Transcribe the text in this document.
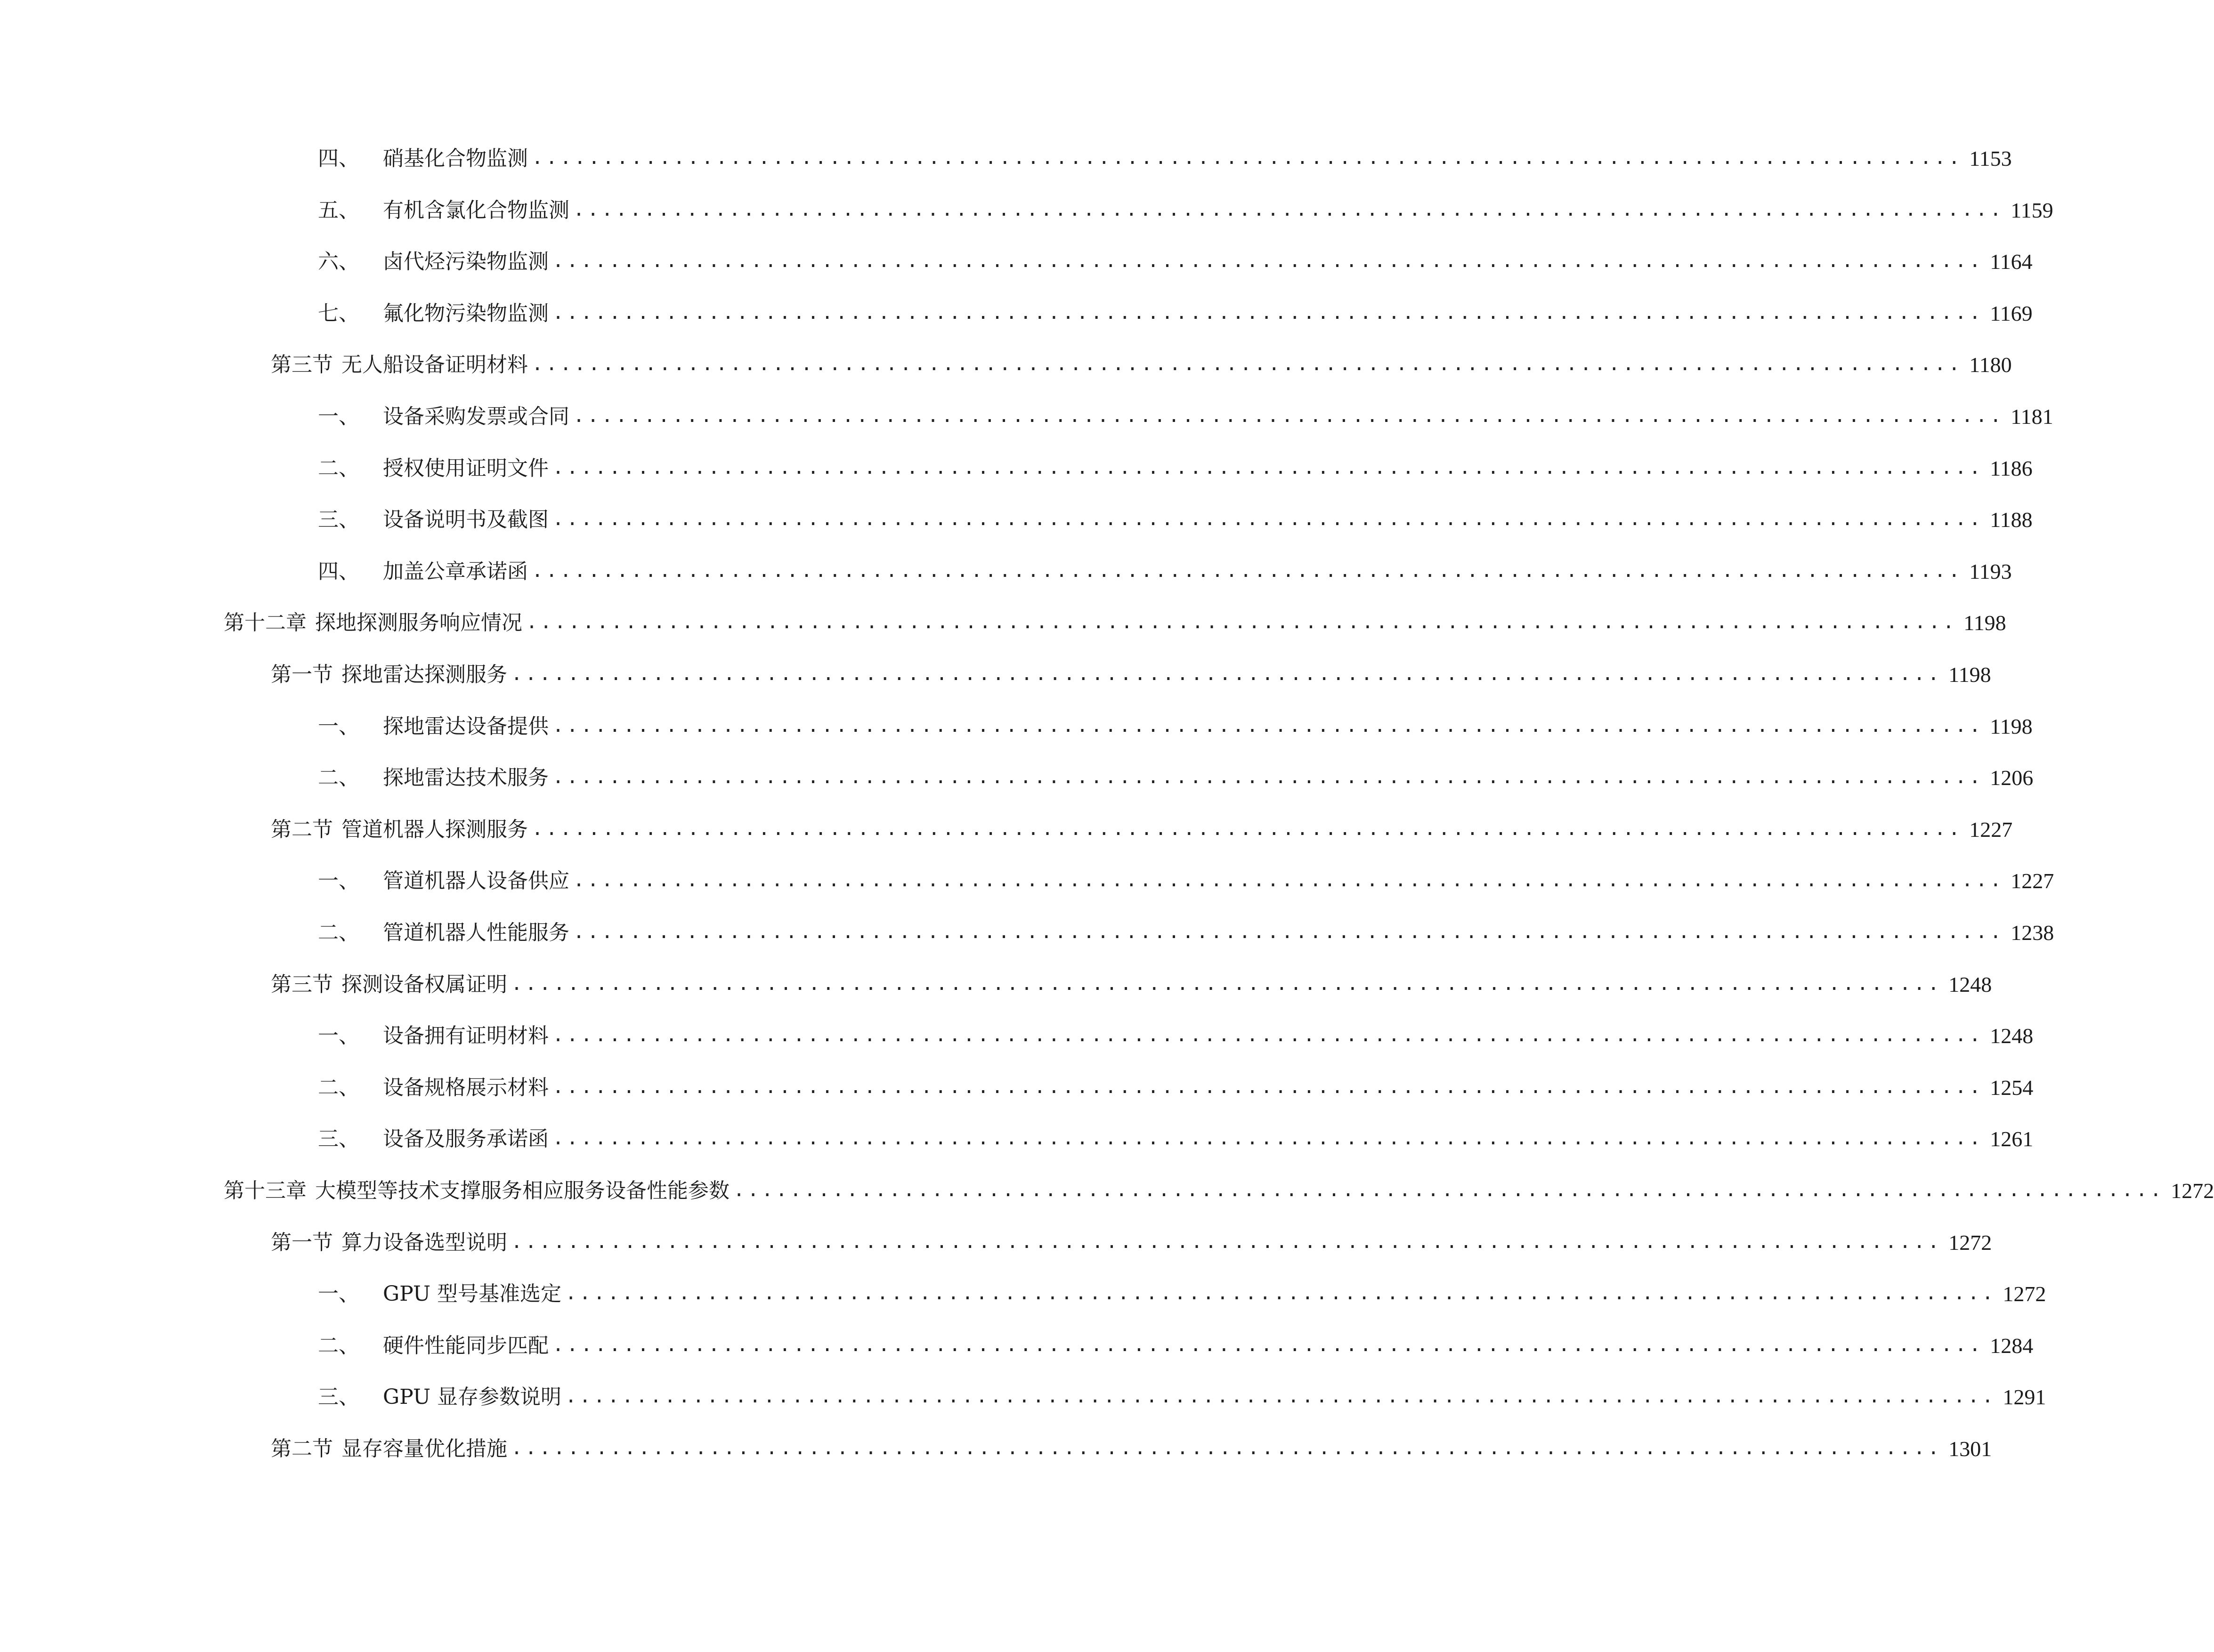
四、 硝基化合物监测 ..................................................................................................... 1153
五、 有机含氯化合物监测 ..................................................................................................... 1159
六、 卤代烃污染物监测 ..................................................................................................... 1164
七、 氟化物污染物监测 ..................................................................................................... 1169
第三节 无人船设备证明材料 ..................................................................................................... 1180
一、 设备采购发票或合同 ..................................................................................................... 1181
二、 授权使用证明文件 ..................................................................................................... 1186
三、 设备说明书及截图 ..................................................................................................... 1188
四、 加盖公章承诺函 ..................................................................................................... 1193
第十二章 探地探测服务响应情况 ..................................................................................................... 1198
第一节 探地雷达探测服务 ..................................................................................................... 1198
一、 探地雷达设备提供 ..................................................................................................... 1198
二、 探地雷达技术服务 ..................................................................................................... 1206
第二节 管道机器人探测服务 ..................................................................................................... 1227
一、 管道机器人设备供应 ..................................................................................................... 1227
二、 管道机器人性能服务 ..................................................................................................... 1238
第三节 探测设备权属证明 ..................................................................................................... 1248
一、 设备拥有证明材料 ..................................................................................................... 1248
二、 设备规格展示材料 ..................................................................................................... 1254
三、 设备及服务承诺函 ..................................................................................................... 1261
第十三章 大模型等技术支撑服务相应服务设备性能参数 ..................................................................................................... 1272
第一节 算力设备选型说明 ..................................................................................................... 1272
一、 GPU 型号基准选定 ..................................................................................................... 1272
二、 硬件性能同步匹配 ..................................................................................................... 1284
三、 GPU 显存参数说明 ..................................................................................................... 1291
第二节 显存容量优化措施 ..................................................................................................... 1301
